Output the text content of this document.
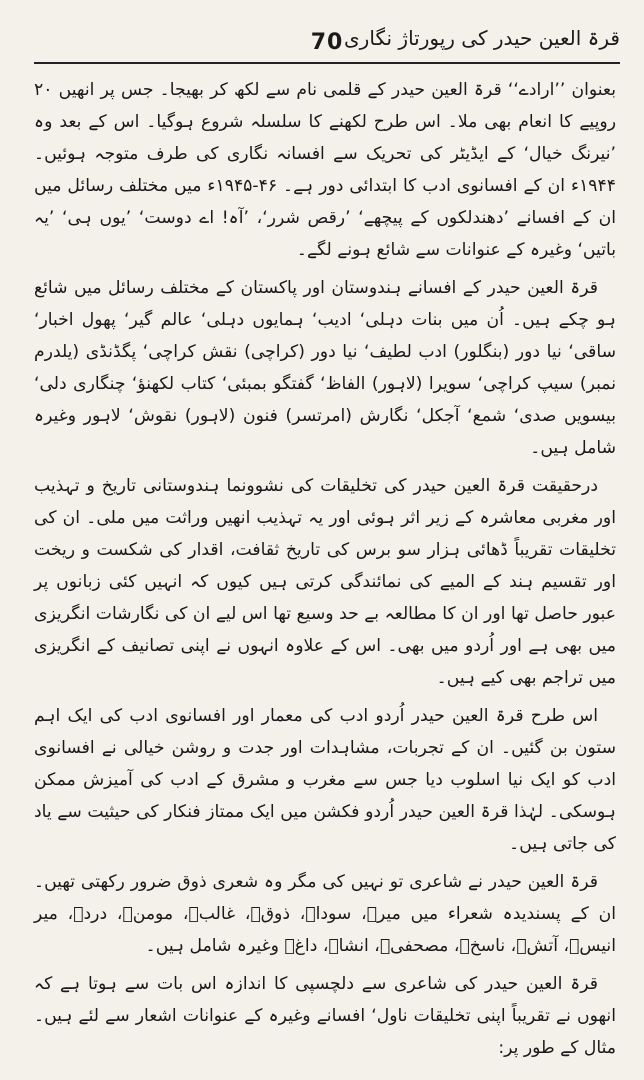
70 قرۃ العین حیدر کی رپورتاژ نگاری

بعنوان ’’ارادے‘‘ قرۃ العین حیدر کے قلمی نام سے لکھ کر بھیجا۔ جس پر انھیں ۲۰ روپیے کا انعام بھی ملا۔ اس طرح لکھنے کا سلسلہ شروع ہوگیا۔ اس کے بعد وہ ’نیرنگ خیال‘ کے ایڈیٹر کی تحریک سے افسانہ نگاری کی طرف متوجہ ہوئیں۔ ۱۹۴۴ء ان کے افسانوی ادب کا ابتدائی دور ہے۔ ۴۶-۱۹۴۵ء میں مختلف رسائل میں ان کے افسانے ’دھندلکوں کے پیچھے‘ ’رقص شرر‘، ’آہ! اے دوست‘ ’یوں ہی‘ ’یہ باتیں‘ وغیرہ کے عنوانات سے شائع ہونے لگے۔

قرۃ العین حیدر کے افسانے ہندوستان اور پاکستان کے مختلف رسائل میں شائع ہو چکے ہیں۔ اُن میں بنات دہلی‘ ادیب‘ ہمایوں دہلی‘ عالم گیر‘ پھول اخبار‘ ساقی‘ نیا دور (بنگلور) ادب لطیف‘ نیا دور (کراچی) نقش کراچی‘ پگڈنڈی (یلدرم نمبر) سیپ کراچی‘ سویرا (لاہور) الفاظ‘ گفتگو بمبئی‘ کتاب لکھنؤ‘ چنگاری دلی‘ بیسویں صدی‘ شمع‘ آجکل‘ نگارش (امرتسر) فنون (لاہور) نقوش‘ لاہور وغیرہ شامل ہیں۔

درحقیقت قرۃ العین حیدر کی تخلیقات کی نشوونما ہندوستانی تاریخ و تہذیب اور مغربی معاشرہ کے زیر اثر ہوئی اور یہ تہذیب انھیں وراثت میں ملی۔ ان کی تخلیقات تقریباً ڈھائی ہزار سو برس کی تاریخ ثقافت، اقدار کی شکست و ریخت اور تقسیم ہند کے المیے کی نمائندگی کرتی ہیں کیوں کہ انہیں کئی زبانوں پر عبور حاصل تھا اور ان کا مطالعہ بے حد وسیع تھا اس لیے ان کی نگارشات انگریزی میں بھی ہے اور اُردو میں بھی۔ اس کے علاوہ انہوں نے اپنی تصانیف کے انگریزی میں تراجم بھی کیے ہیں۔

اس طرح قرۃ العین حیدر اُردو ادب کی معمار اور افسانوی ادب کی ایک اہم ستون بن گئیں۔ ان کے تجربات، مشاہدات اور جدت و روشن خیالی نے افسانوی ادب کو ایک نیا اسلوب دیا جس سے مغرب و مشرق کے ادب کی آمیزش ممکن ہوسکی۔ لہٰذا قرۃ العین حیدر اُردو فکشن میں ایک ممتاز فنکار کی حیثیت سے یاد کی جاتی ہیں۔

قرۃ العین حیدر نے شاعری تو نہیں کی مگر وہ شعری ذوق ضرور رکھتی تھیں۔ ان کے پسندیدہ شعراء میں میرؔ، سوداؔ، ذوقؔ، غالبؔ، مومنؔ، دردؔ، میر انیسؔ، آتشؔ، ناسخؔ، مصحفیؔ، انشاؔ، داغؔ وغیرہ شامل ہیں۔

قرۃ العین حیدر کی شاعری سے دلچسپی کا اندازہ اس بات سے ہوتا ہے کہ انھوں نے تقریباً اپنی تخلیقات ناول‘ افسانے وغیرہ کے عنوانات اشعار سے لئے ہیں۔ مثال کے طور پر:
